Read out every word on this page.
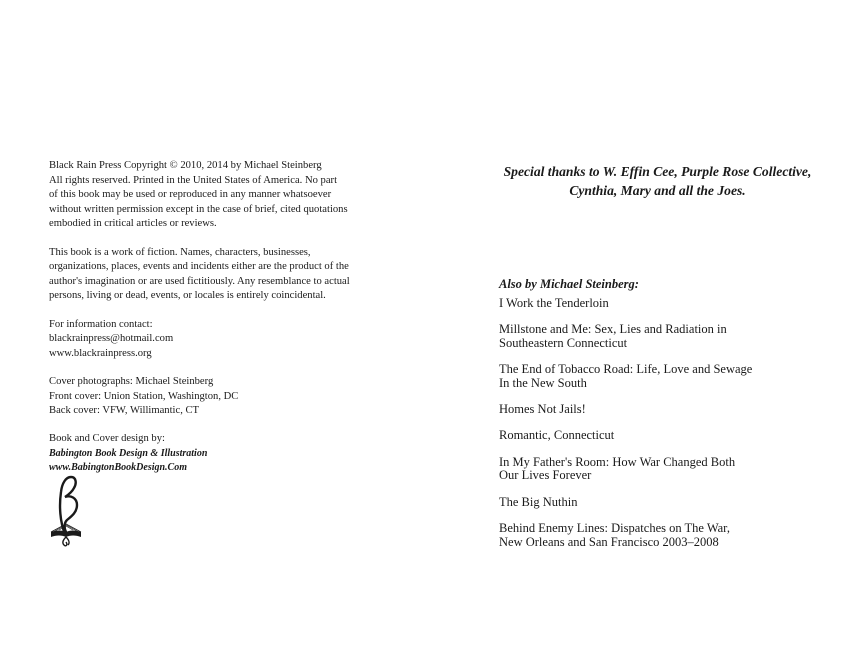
Black Rain Press Copyright © 2010, 2014 by Michael Steinberg
All rights reserved. Printed in the United States of America. No part
of this book may be used or reproduced in any manner whatsoever
without written permission except in the case of brief, cited quotations
embodied in critical articles or reviews.

This book is a work of fiction. Names, characters, businesses,
organizations, places, events and incidents either are the product of the
author's imagination or are used fictitiously. Any resemblance to actual
persons, living or dead, events, or locales is entirely coincidental.

For information contact:
blackrainpress@hotmail.com
www.blackrainpress.org

Cover photographs: Michael Steinberg
Front cover: Union Station, Washington, DC
Back cover: VFW, Willimantic, CT

Book and Cover design by:
Babington Book Design & Illustration
www.BabingtonBookDesign.Com

Special thanks to W. Effin Cee, Purple Rose Collective,
Cynthia, Mary and all the Joes.
Also by Michael Steinberg:
I Work the Tenderloin
Millstone and Me: Sex, Lies and Radiation in
Southeastern Connecticut
The End of Tobacco Road: Life, Love and Sewage
In the New South
Homes Not Jails!
Romantic, Connecticut
In My Father's Room: How War Changed Both
Our Lives Forever
The Big Nuthin
Behind Enemy Lines: Dispatches on The War,
New Orleans and San Francisco 2003–2008
